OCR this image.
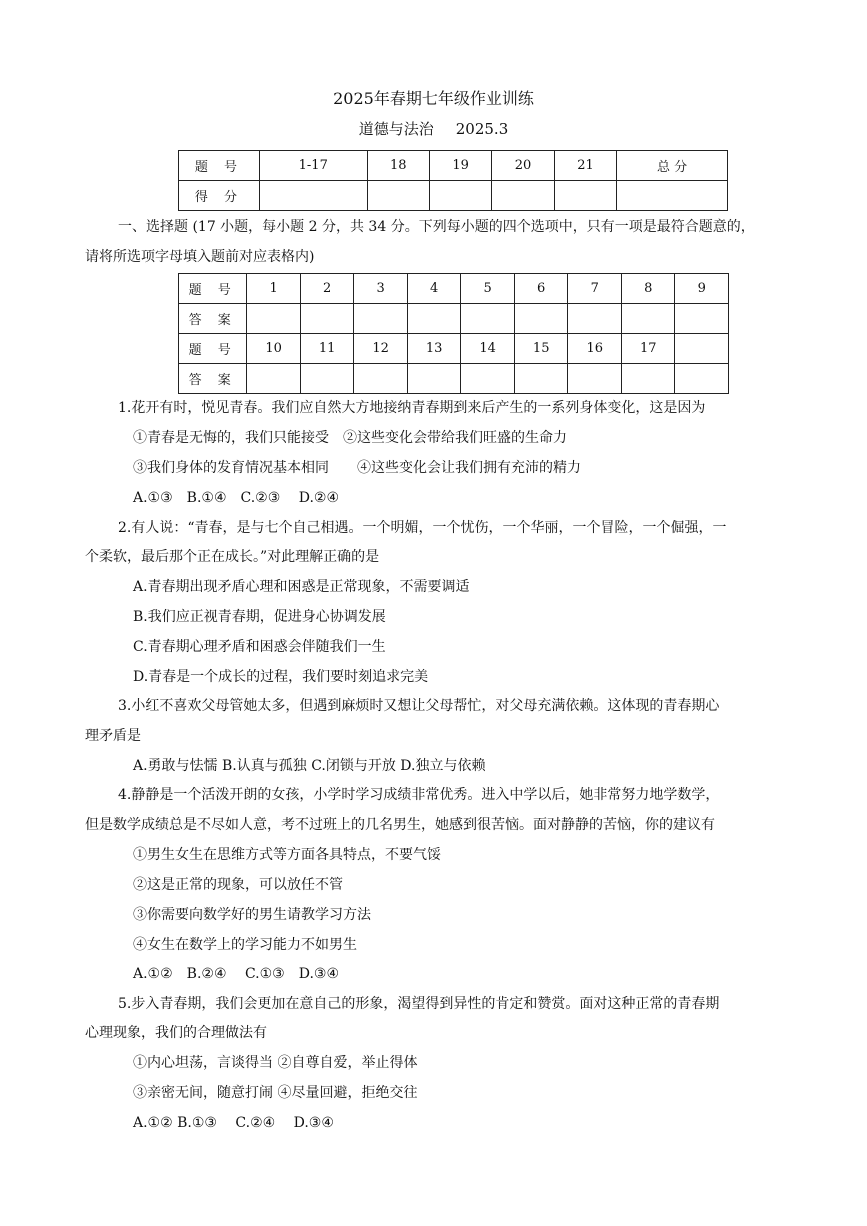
2025年春期七年级作业训练
道德与法治 2025.3
题 号	1-17	18	19	20	21	总 分
得 分						
一、选择题 (17 小题，每小题 2 分，共 34 分。下列每小题的四个选项中，只有一项是最符合题意的，
请将所选项字母填入题前对应表格内)
题 号	1	2	3	4	5	6	7	8	9
答 案									
题 号	10	11	12	13	14	15	16	17	
答 案									
1.花开有时，悦见青春。我们应自然大方地接纳青春期到来后产生的一系列身体变化，这是因为
①青春是无悔的，我们只能接受　②这些变化会带给我们旺盛的生命力
③我们身体的发育情况基本相同　　④这些变化会让我们拥有充沛的精力
A.①③　B.①④　C.②③　 D.②④
2.有人说：“青春，是与七个自己相遇。一个明媚，一个忧伤，一个华丽，一个冒险，一个倔强，一
个柔软，最后那个正在成长。”对此理解正确的是
A.青春期出现矛盾心理和困惑是正常现象，不需要调适
B.我们应正视青春期，促进身心协调发展
C.青春期心理矛盾和困惑会伴随我们一生
D.青春是一个成长的过程，我们要时刻追求完美
3.小红不喜欢父母管她太多，但遇到麻烦时又想让父母帮忙，对父母充满依赖。这体现的青春期心
理矛盾是
A.勇敢与怯懦 B.认真与孤独 C.闭锁与开放 D.独立与依赖
4.静静是一个活泼开朗的女孩，小学时学习成绩非常优秀。进入中学以后，她非常努力地学数学，
但是数学成绩总是不尽如人意，考不过班上的几名男生，她感到很苦恼。面对静静的苦恼，你的建议有
①男生女生在思维方式等方面各具特点，不要气馁
②这是正常的现象，可以放任不管
③你需要向数学好的男生请教学习方法
④女生在数学上的学习能力不如男生
A.①②　B.②④　 C.①③　D.③④
5.步入青春期，我们会更加在意自己的形象，渴望得到异性的肯定和赞赏。面对这种正常的青春期
心理现象，我们的合理做法有
①内心坦荡，言谈得当 ②自尊自爱，举止得体
③亲密无间，随意打闹 ④尽量回避，拒绝交往
A.①② B.①③　 C.②④　 D.③④
